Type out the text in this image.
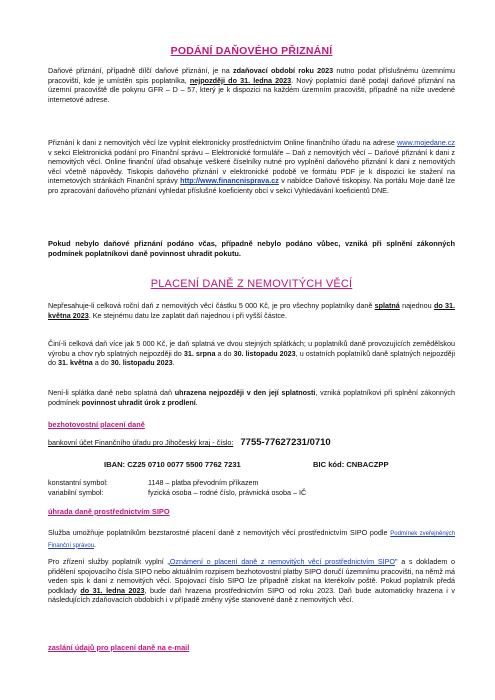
PODÁNÍ DAŇOVÉHO PŘIZNÁNÍ
Daňové přiznání, případně dílčí daňové přiznání, je na zdaňovací období roku 2023 nutno podat příslušnému územnímu pracovišti, kde je umístěn spis poplatníka, nejpozději do 31. ledna 2023. Nový poplatníci daně podají daňové přiznání na územní pracoviště dle pokynu GFR – D – 57, který je k dispozici na každém územním pracovišti, případně na níže uvedené internetové adrese.
Přiznání k dani z nemovitých věcí lze vyplnit elektronicky prostřednictvím Online finančního úřadu na adrese www.mojedane.cz v sekci Elektronická podání pro Finanční správu – Elektronické formuláře – Daň z nemovitých věcí – Daňové přiznání k dani z nemovitých věcí. Online finanční úřad obsahuje veškeré číselníky nutné pro vyplnění daňového přiznání k dani z nemovitých věcí včetně nápovědy. Tiskopis daňového přiznání v elektronické podobě ve formátu PDF je k dispozici ke stažení na internetových stránkách Finanční správy http://www.financnisprava.cz v nabídce Daňové tiskopisy. Na portálu Moje daně lze pro zpracování daňového přiznání vyhledat příslušné koeficienty obcí v sekci Vyhledávání koeficientů DNE.
Pokud nebylo daňové přiznání podáno včas, případně nebylo podáno vůbec, vzniká při splnění zákonných podmínek poplatníkovi daně povinnost uhradit pokutu.
PLACENÍ DANĚ Z NEMOVITÝCH VĚCÍ
Nepřesahuje-li celková roční daň z nemovitých věcí částku 5 000 Kč, je pro všechny poplatníky daně splatná najednou do 31. května 2023. Ke stejnému datu lze zaplatit daň najednou i při vyšší částce.
Činí-li celková daň více jak 5 000 Kč, je daň splatná ve dvou stejných splátkách; u poplatníků daně provozujících zemědělskou výrobu a chov ryb splatných nejpozději do 31. srpna a do 30. listopadu 2023, u ostatních poplatníků daně splatných nejpozději do 31. května a do 30. listopadu 2023.
Není-li splátka daně nebo splatná daň uhrazena nejpozději v den její splatnosti, vzniká poplatníkovi při splnění zákonných podmínek povinnost uhradit úrok z prodlení.
bezhotovostní placení daně
bankovní účet Finančního úřadu pro Jihočeský kraj - číslo: 7755-77627231/0710
IBAN: CZ25 0710 0077 5500 7762 7231	BIC kód: CNBACZPP
konstantní symbol:	1148 – platba převodním příkazem
variabilní symbol:	fyzická osoba – rodné číslo, právnická osoba – IČ
úhrada daně prostřednictvím SIPO
Služba umožňuje poplatníkům bezstarostné placení daně z nemovitých věcí prostřednictvím SIPO podle Podmínek zveřejněných Finanční správou.
Pro zřízení služby poplatník vyplní „Oznámení o placení daně z nemovitých věcí prostřednictvím SIPO" a s dokladem o přidělení spojovacího čísla SIPO nebo aktuálním rozpisem bezhotovostní platby SIPO doručí územnímu pracovišti, na němž má veden spis k dani z nemovitých věcí. Spojovací číslo SIPO lze případně získat na kterékoliv poště. Pokud poplatník předá podklady do 31. ledna 2023, bude daň hrazena prostřednictvím SIPO od roku 2023. Daň bude automaticky hrazena i v následujících zdaňovacích obdobích i v případě změny výše stanovené daně z nemovitých věcí.
zaslání údajů pro placení daně na e-mail
